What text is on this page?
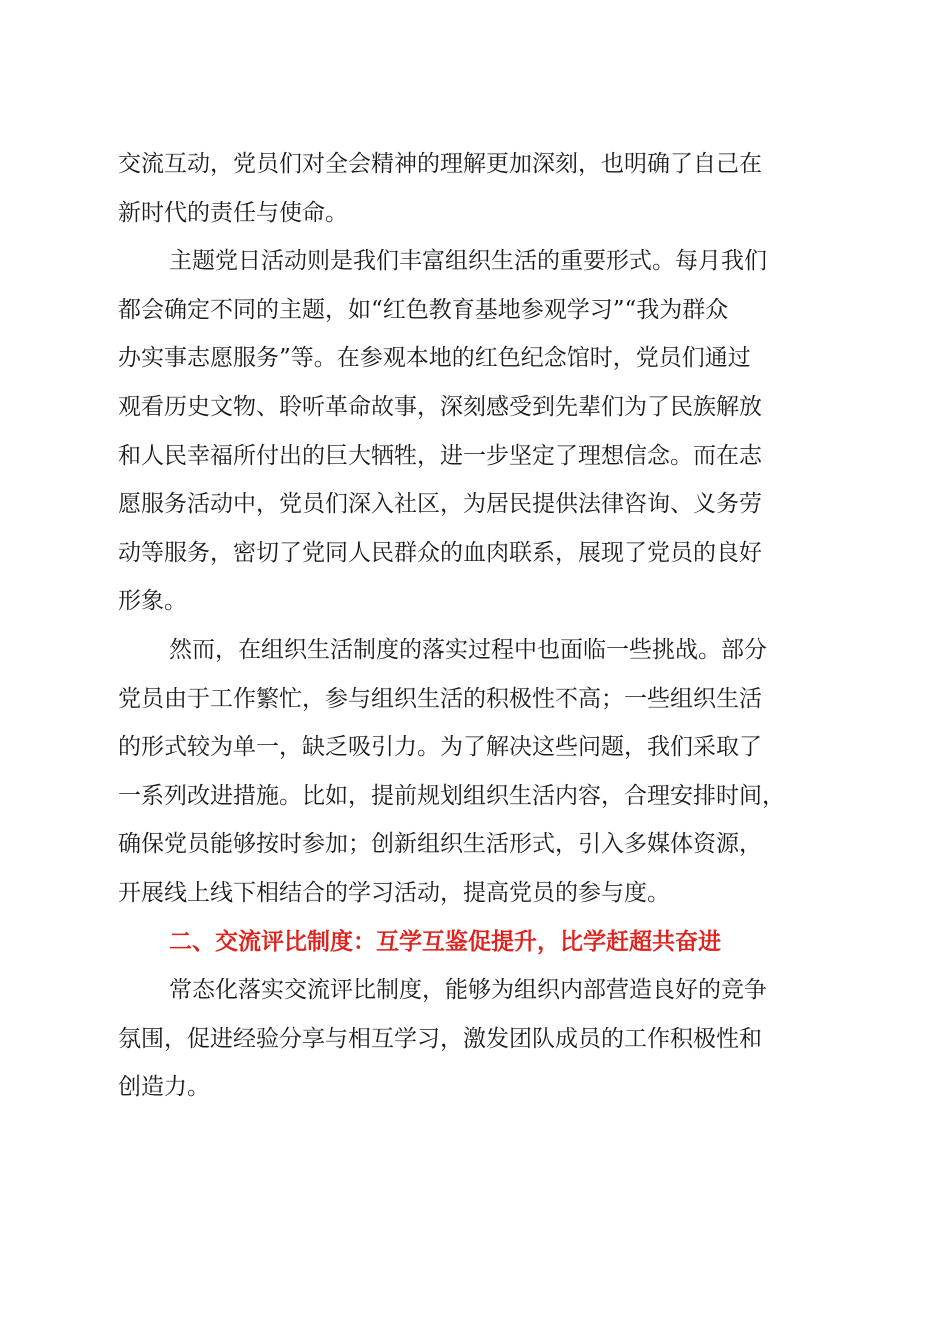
交流互动，党员们对全会精神的理解更加深刻，也明确了自己在
新时代的责任与使命。
主题党日活动则是我们丰富组织生活的重要形式。每月我们
都会确定不同的主题，如“红色教育基地参观学习”“我为群众
办实事志愿服务”等。在参观本地的红色纪念馆时，党员们通过
观看历史文物、聆听革命故事，深刻感受到先辈们为了民族解放
和人民幸福所付出的巨大牺牲，进一步坚定了理想信念。而在志
愿服务活动中，党员们深入社区，为居民提供法律咨询、义务劳
动等服务，密切了党同人民群众的血肉联系，展现了党员的良好
形象。
然而，在组织生活制度的落实过程中也面临一些挑战。部分
党员由于工作繁忙，参与组织生活的积极性不高；一些组织生活
的形式较为单一，缺乏吸引力。为了解决这些问题，我们采取了
一系列改进措施。比如，提前规划组织生活内容，合理安排时间，
确保党员能够按时参加；创新组织生活形式，引入多媒体资源，
开展线上线下相结合的学习活动，提高党员的参与度。
二、交流评比制度：互学互鉴促提升，比学赶超共奋进
常态化落实交流评比制度，能够为组织内部营造良好的竞争
氛围，促进经验分享与相互学习，激发团队成员的工作积极性和
创造力。
